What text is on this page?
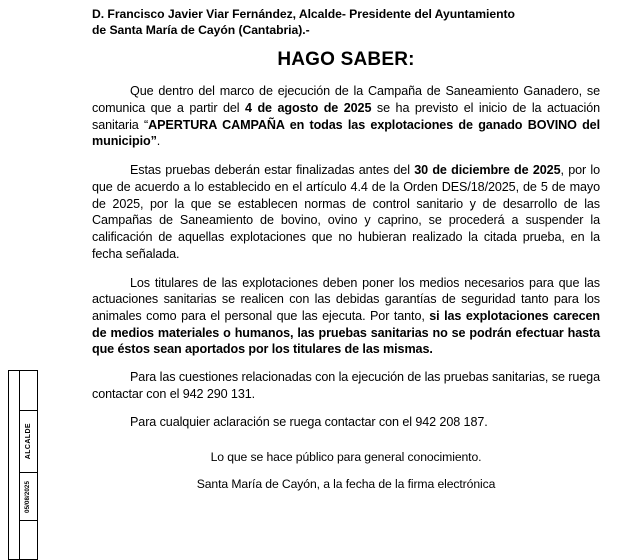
ALCALDE
05/08/2025
D. Francisco Javier Viar Fernández, Alcalde- Presidente del Ayuntamiento
de Santa María de Cayón (Cantabria).-
HAGO SABER:

Que dentro del marco de ejecución de la Campaña de Saneamiento Ganadero, se comunica que a partir del 4 de agosto de 2025 se ha previsto el inicio de la actuación sanitaria “APERTURA CAMPAÑA en todas las explotaciones de ganado BOVINO del municipio”.

Estas pruebas deberán estar finalizadas antes del 30 de diciembre de 2025, por lo que de acuerdo a lo establecido en el artículo 4.4 de la Orden DES/18/2025, de 5 de mayo de 2025, por la que se establecen normas de control sanitario y de desarrollo de las Campañas de Saneamiento de bovino, ovino y caprino, se procederá a suspender la calificación de aquellas explotaciones que no hubieran realizado la citada prueba, en la fecha señalada.

Los titulares de las explotaciones deben poner los medios necesarios para que las actuaciones sanitarias se realicen con las debidas garantías de seguridad tanto para los animales como para el personal que las ejecuta. Por tanto, si las explotaciones carecen de medios materiales o humanos, las pruebas sanitarias no se podrán efectuar hasta que éstos sean aportados por los titulares de las mismas.

Para las cuestiones relacionadas con la ejecución de las pruebas sanitarias, se ruega contactar con el 942 290 131.

Para cualquier aclaración se ruega contactar con el 942 208 187.

Lo que se hace público para general conocimiento.
Santa María de Cayón, a la fecha de la firma electrónica
